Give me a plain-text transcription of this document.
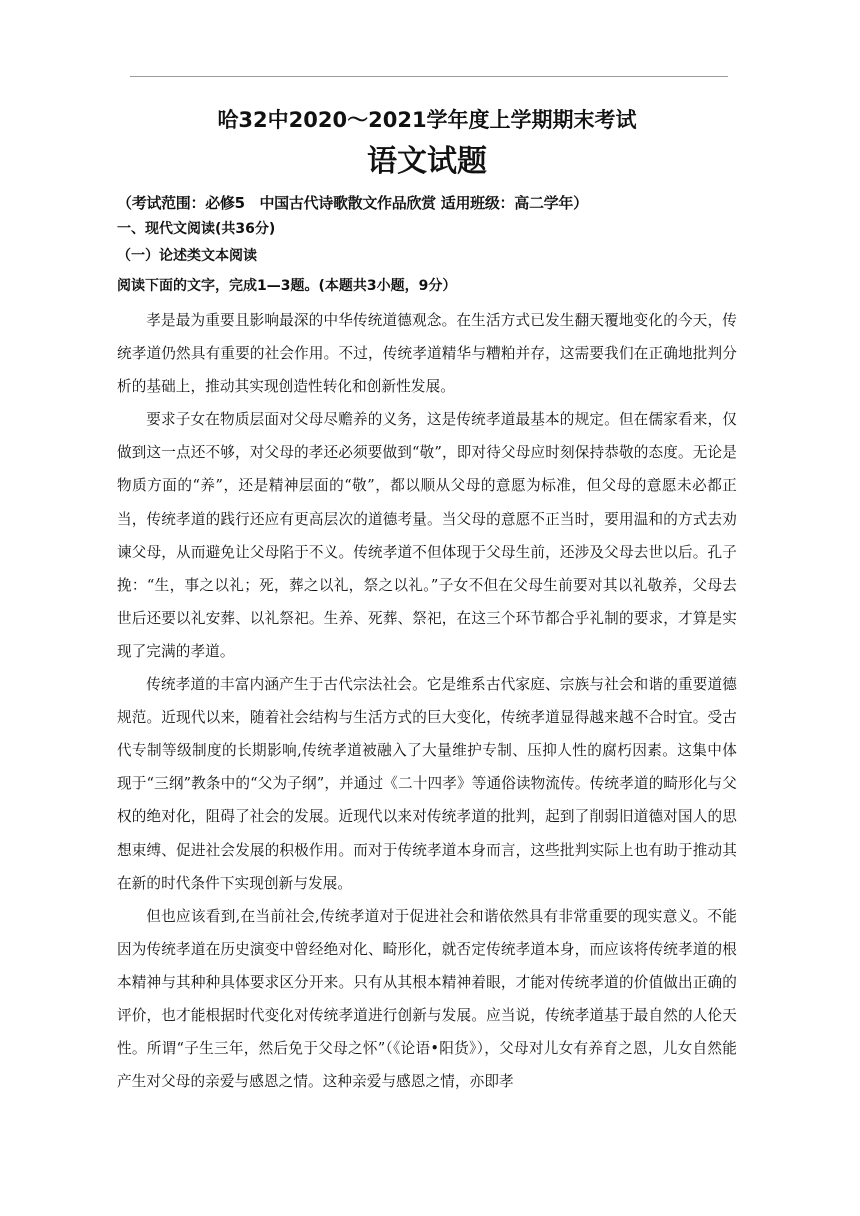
哈32中2020～2021学年度上学期期末考试
语文试题

（考试范围：必修5　中国古代诗歌散文作品欣赏 适用班级：高二学年）

一、现代文阅读(共36分)

（一）论述类文本阅读

阅读下面的文字，完成1—3题。(本题共3小题，9分）

孝是最为重要且影响最深的中华传统道德观念。在生活方式已发生翻天覆地变化的今天，传统孝道仍然具有重要的社会作用。不过，传统孝道精华与糟粕并存，这需要我们在正确地批判分析的基础上，推动其实现创造性转化和创新性发展。

要求子女在物质层面对父母尽赡养的义务，这是传统孝道最基本的规定。但在儒家看来，仅做到这一点还不够，对父母的孝还必须要做到“敬”，即对待父母应时刻保持恭敬的态度。无论是物质方面的“养”，还是精神层面的“敬”，都以顺从父母的意愿为标准，但父母的意愿未必都正当，传统孝道的践行还应有更高层次的道德考量。当父母的意愿不正当时，要用温和的方式去劝谏父母，从而避免让父母陷于不义。传统孝道不但体现于父母生前，还涉及父母去世以后。孔子挽：“生，事之以礼；死，葬之以礼，祭之以礼。”子女不但在父母生前要对其以礼敬养，父母去世后还要以礼安葬、以礼祭祀。生养、死葬、祭祀，在这三个环节都合乎礼制的要求，才算是实现了完满的孝道。

传统孝道的丰富内涵产生于古代宗法社会。它是维系古代家庭、宗族与社会和谐的重要道德规范。近现代以来，随着社会结构与生活方式的巨大变化，传统孝道显得越来越不合时宜。受古代专制等级制度的长期影响,传统孝道被融入了大量维护专制、压抑人性的腐朽因素。这集中体现于“三纲”教条中的“父为子纲”，并通过《二十四孝》等通俗读物流传。传统孝道的畸形化与父权的绝对化，阻碍了社会的发展。近现代以来对传统孝道的批判，起到了削弱旧道德对国人的思想束缚、促进社会发展的积极作用。而对于传统孝道本身而言，这些批判实际上也有助于推动其在新的时代条件下实现创新与发展。

但也应该看到,在当前社会,传统孝道对于促进社会和谐依然具有非常重要的现实意义。不能因为传统孝道在历史演变中曾经绝对化、畸形化，就否定传统孝道本身，而应该将传统孝道的根本精神与其种种具体要求区分开来。只有从其根本精神着眼，才能对传统孝道的价值做出正确的评价，也才能根据时代变化对传统孝道进行创新与发展。应当说，传统孝道基于最自然的人伦天性。所谓“子生三年，然后免于父母之怀”（《论语•阳货》），父母对儿女有养育之恩，儿女自然能产生对父母的亲爱与感恩之情。这种亲爱与感恩之情，亦即孝
